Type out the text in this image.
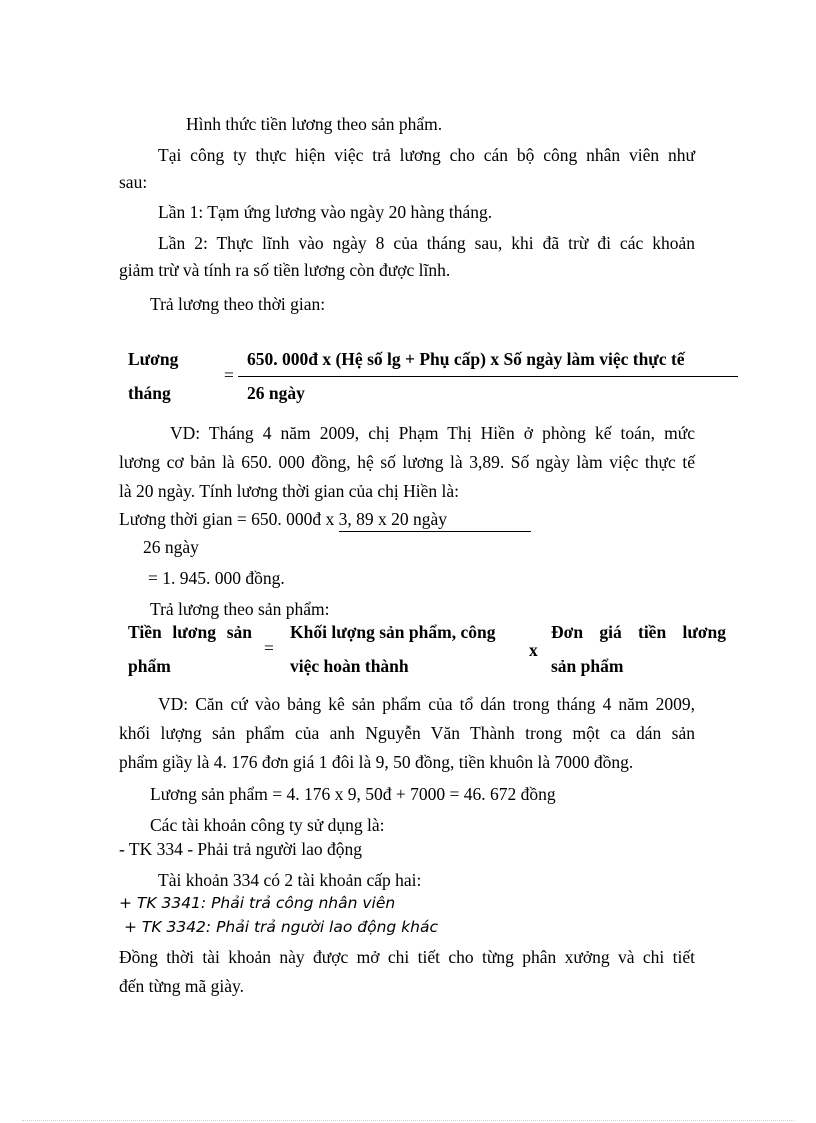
Hình thức tiền lương theo sản phẩm.
Tại công ty thực hiện việc trả lương cho cán bộ công nhân viên như
sau:
Lần 1: Tạm ứng lương vào ngày 20 hàng tháng.
Lần 2: Thực lĩnh vào ngày 8 của tháng sau, khi đã trừ đi các khoản
giảm trừ và tính ra số tiền lương còn được lĩnh.
Trả lương theo thời gian:
Lương
tháng
=
650. 000đ x (Hệ số lg + Phụ cấp) x Số ngày làm việc thực tế
26 ngày
VD: Tháng 4 năm 2009, chị Phạm Thị Hiền ở phòng kế toán, mức
lương cơ bản là 650. 000 đồng, hệ số lương là 3,89. Số ngày làm việc thực tế
là 20 ngày. Tính lương thời gian của chị Hiền là:
Lương thời gian = 650. 000đ x 3, 89 x 20 ngày
26 ngày
= 1. 945. 000 đồng.
Trả lương theo sản phẩm:
Tiền lương sản
phẩm
=
Khối lượng sản phẩm, công
việc hoàn thành
x
Đơn giá tiền lương
sản phẩm
VD: Căn cứ vào bảng kê sản phẩm của tổ dán trong tháng 4 năm 2009,
khối lượng sản phẩm của anh Nguyễn Văn Thành trong một ca dán sản
phẩm giầy là 4. 176 đơn giá 1 đôi là 9, 50 đồng, tiền khuôn là 7000 đồng.
Lương sản phẩm = 4. 176 x 9, 50đ + 7000 = 46. 672 đồng
Các tài khoản công ty sử dụng là:
- TK 334 - Phải trả người lao động
Tài khoản 334 có 2 tài khoản cấp hai:
+ TK 3341: Phải trả công nhân viên
+ TK 3342: Phải trả người lao động khác
Đồng thời tài khoản này được mở chi tiết cho từng phân xưởng và chi tiết
đến từng mã giày.
